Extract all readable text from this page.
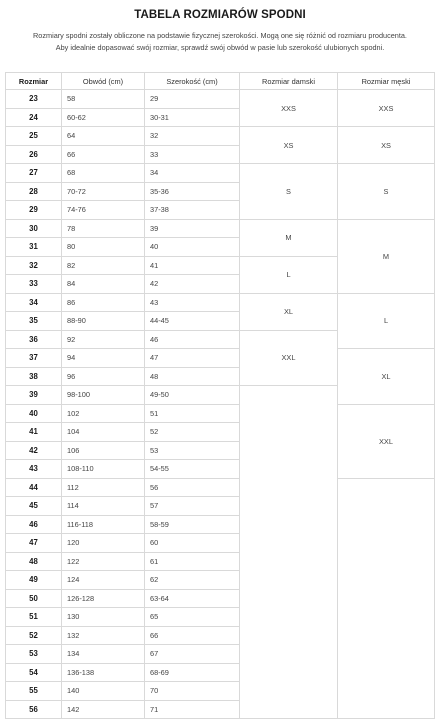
TABELA ROZMIARÓW SPODNI
Rozmiary spodni zostały obliczone na podstawie fizycznej szerokości. Mogą one się różnić od rozmiaru producenta.
Aby idealnie dopasować swój rozmiar, sprawdź swój obwód w pasie lub szerokość ulubionych spodni.
Rozmiar	Obwód (cm)	Szerokość (cm)	Rozmiar damski	Rozmiar męski
23	58	29	XXS	XXS
24	60-62	30-31		
25	64	32	XS	XS
26	66	33		
27	68	34	S	S
28	70-72	35-36		
29	74-76	37-38		
30	78	39	M	M
31	80	40		
32	82	41	L	
33	84	42		
34	86	43	XL	L
35	88-90	44-45		
36	92	46	XXL	
37	94	47		XL
38	96	48		
39	98-100	49-50		
40	102	51		XXL
41	104	52		
42	106	53		
43	108-110	54-55		
44	112	56		
45	114	57		
46	116-118	58-59		
47	120	60		
48	122	61		
49	124	62		
50	126-128	63-64		
51	130	65		
52	132	66		
53	134	67		
54	136-138	68-69		
55	140	70		
56	142	71		
